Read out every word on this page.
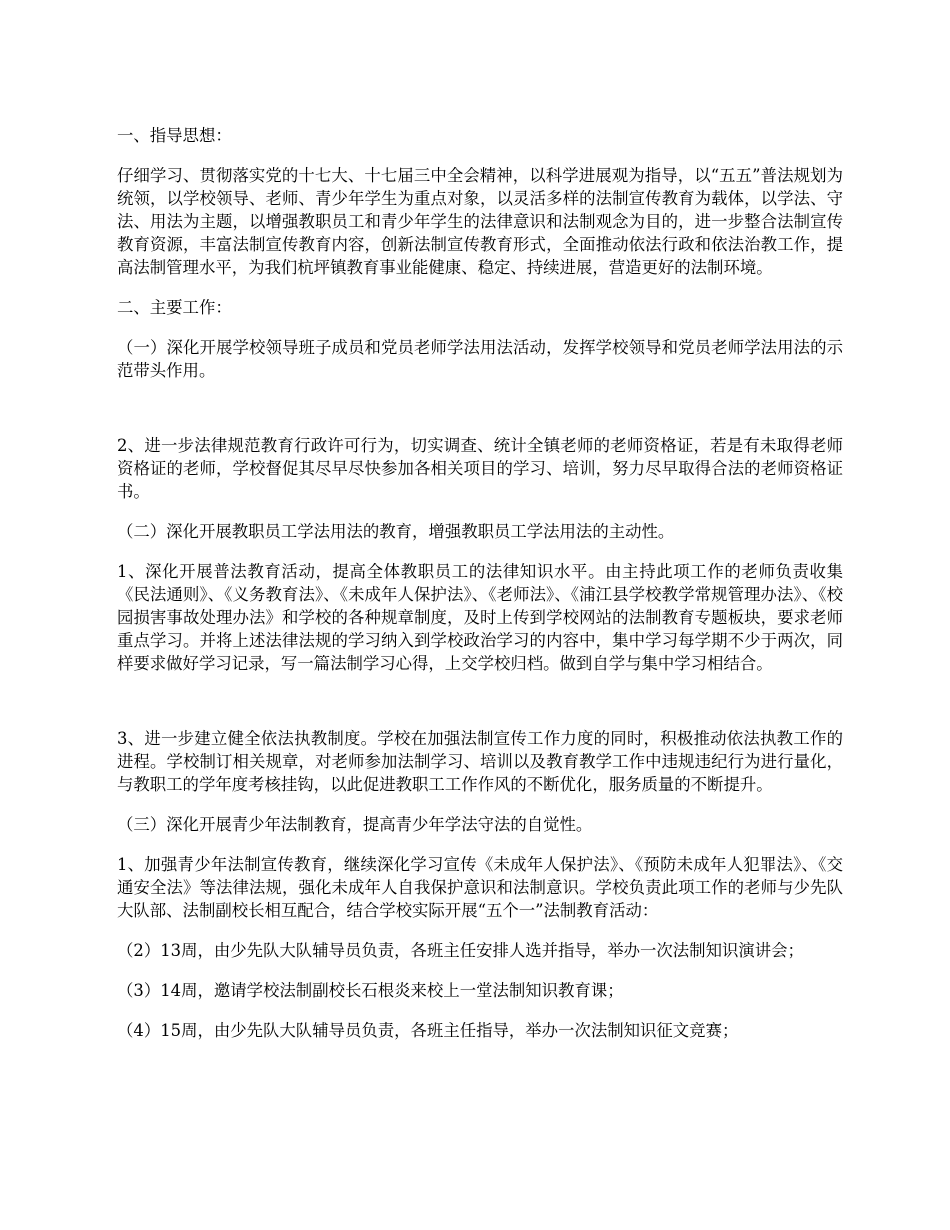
一、指导思想：

仔细学习、贯彻落实党的十七大、十七届三中全会精神，以科学进展观为指导，以“五五”普法规划为统领，以学校领导、老师、青少年学生为重点对象，以灵活多样的法制宣传教育为载体，以学法、守法、用法为主题，以增强教职员工和青少年学生的法律意识和法制观念为目的，进一步整合法制宣传教育资源，丰富法制宣传教育内容，创新法制宣传教育形式，全面推动依法行政和依法治教工作，提高法制管理水平，为我们杭坪镇教育事业能健康、稳定、持续进展，营造更好的法制环境。

二、主要工作：

（一）深化开展学校领导班子成员和党员老师学法用法活动，发挥学校领导和党员老师学法用法的示范带头作用。

2、进一步法律规范教育行政许可行为，切实调查、统计全镇老师的老师资格证，若是有未取得老师资格证的老师，学校督促其尽早尽快参加各相关项目的学习、培训，努力尽早取得合法的老师资格证书。

（二）深化开展教职员工学法用法的教育，增强教职员工学法用法的主动性。

1、深化开展普法教育活动，提高全体教职员工的法律知识水平。由主持此项工作的老师负责收集《民法通则》、《义务教育法》、《未成年人保护法》、《老师法》、《浦江县学校教学常规管理办法》、《校园损害事故处理办法》和学校的各种规章制度，及时上传到学校网站的法制教育专题板块，要求老师重点学习。并将上述法律法规的学习纳入到学校政治学习的内容中，集中学习每学期不少于两次，同样要求做好学习记录，写一篇法制学习心得，上交学校归档。做到自学与集中学习相结合。

3、进一步建立健全依法执教制度。学校在加强法制宣传工作力度的同时，积极推动依法执教工作的进程。学校制订相关规章，对老师参加法制学习、培训以及教育教学工作中违规违纪行为进行量化，与教职工的学年度考核挂钩，以此促进教职工工作作风的不断优化，服务质量的不断提升。

（三）深化开展青少年法制教育，提高青少年学法守法的自觉性。

1、加强青少年法制宣传教育，继续深化学习宣传《未成年人保护法》、《预防未成年人犯罪法》、《交通安全法》等法律法规，强化未成年人自我保护意识和法制意识。学校负责此项工作的老师与少先队大队部、法制副校长相互配合，结合学校实际开展“五个一”法制教育活动：

（2）13周，由少先队大队辅导员负责，各班主任安排人选并指导，举办一次法制知识演讲会；

（3）14周，邀请学校法制副校长石根炎来校上一堂法制知识教育课；

（4）15周，由少先队大队辅导员负责，各班主任指导，举办一次法制知识征文竞赛；
